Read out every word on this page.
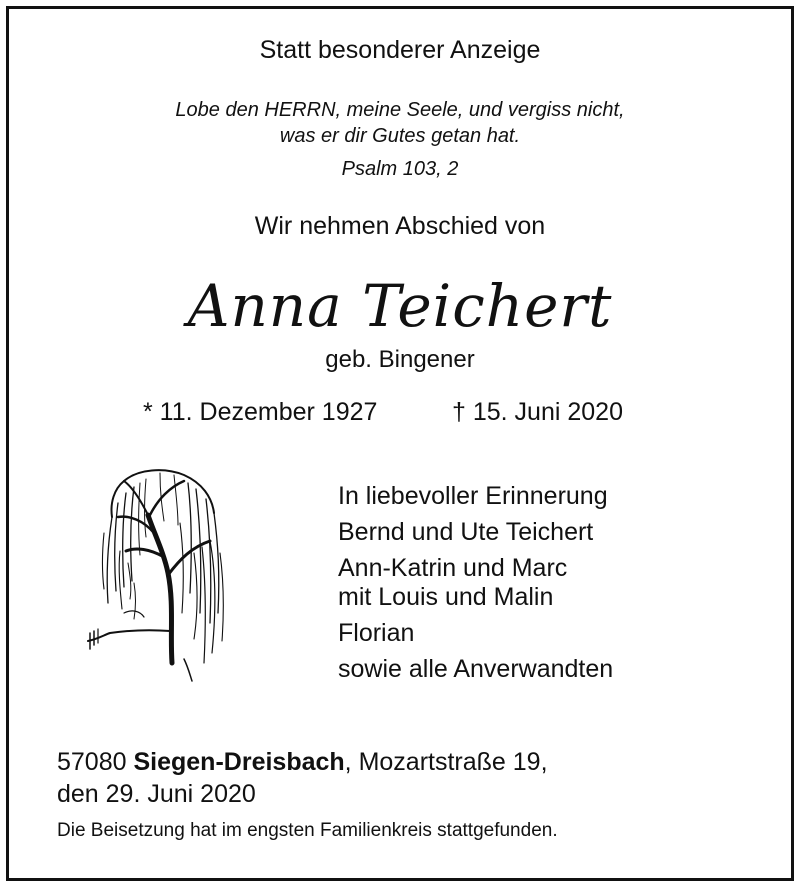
Statt besonderer Anzeige
Lobe den HERRN, meine Seele, und vergiss nicht,
was er dir Gutes getan hat.
Psalm 103, 2
Wir nehmen Abschied von
Anna Teichert
geb. Bingener
* 11. Dezember 1927	† 15. Juni 2020
In liebevoller Erinnerung
Bernd und Ute Teichert
Ann-Katrin und Marc
mit Louis und Malin
Florian
sowie alle Anverwandten
57080 Siegen-Dreisbach, Mozartstraße 19,
den 29. Juni 2020
Die Beisetzung hat im engsten Familienkreis stattgefunden.
